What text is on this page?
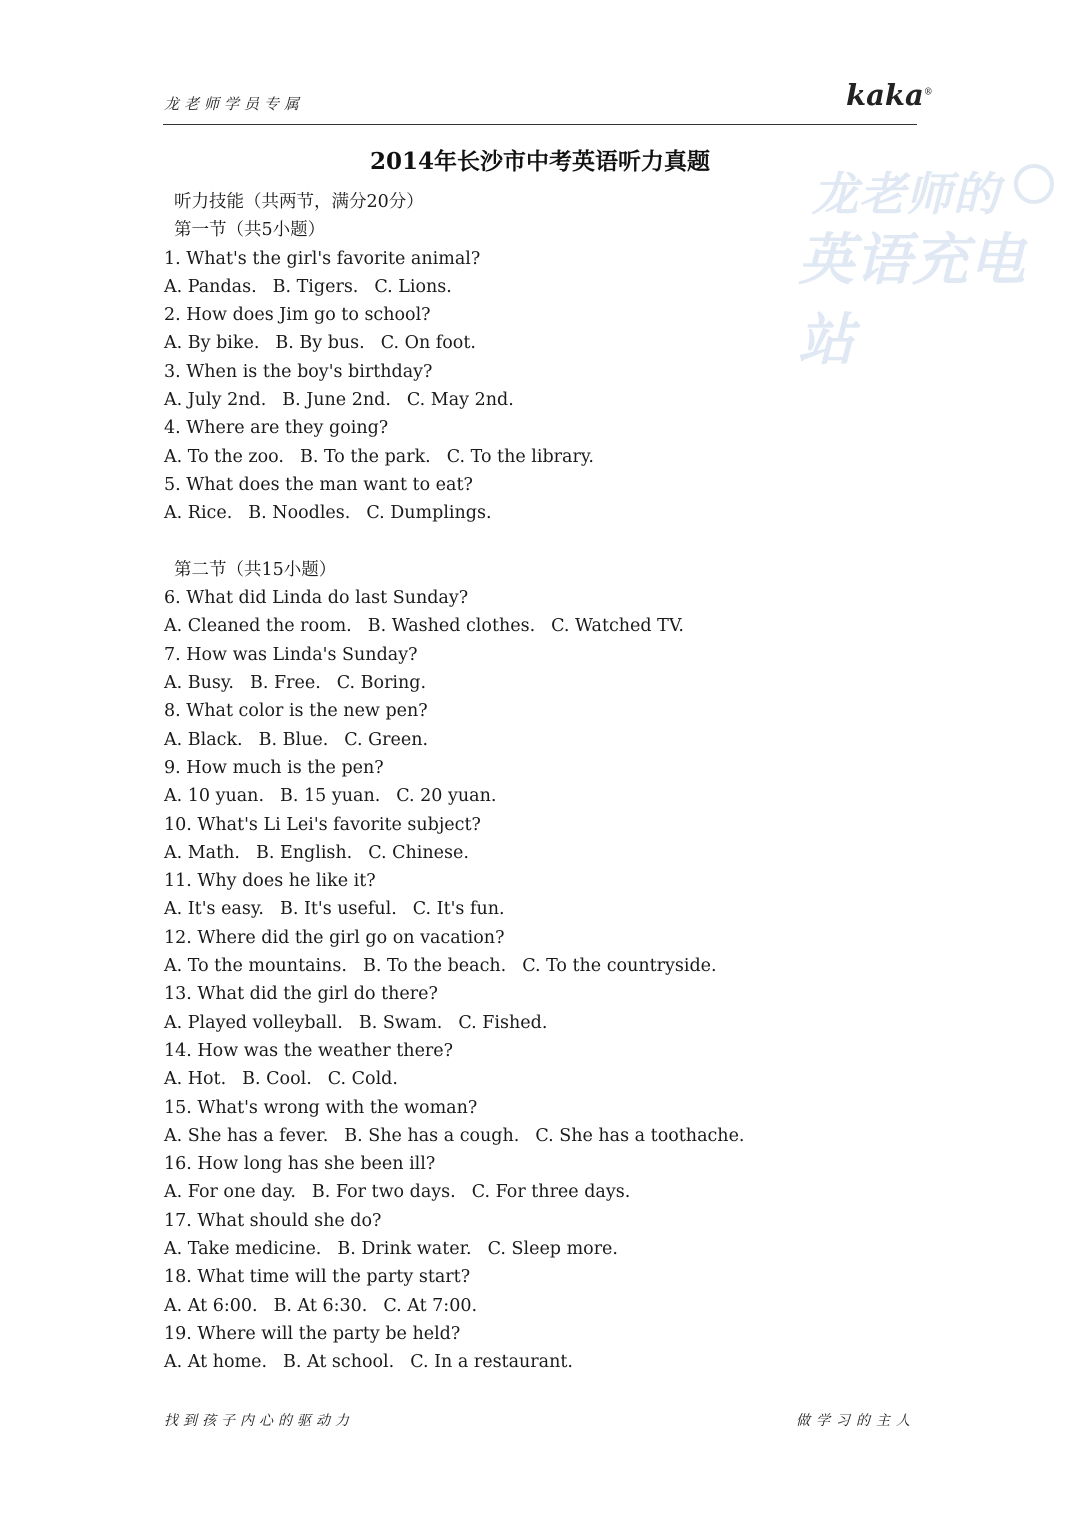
龙老师学员专属	kaka®
龙老师的
英语充电站
2014年长沙市中考英语听力真题
听力技能（共两节，满分20分）
第一节（共5小题）
1. What's the girl's favorite animal?
A. Pandas. B. Tigers. C. Lions.
2. How does Jim go to school?
A. By bike. B. By bus. C. On foot.
3. When is the boy's birthday?
A. July 2nd. B. June 2nd. C. May 2nd.
4. Where are they going?
A. To the zoo. B. To the park. C. To the library.
5. What does the man want to eat?
A. Rice. B. Noodles. C. Dumplings.
第二节（共15小题）
6. What did Linda do last Sunday?
A. Cleaned the room. B. Washed clothes. C. Watched TV.
7. How was Linda's Sunday?
A. Busy. B. Free. C. Boring.
8. What color is the new pen?
A. Black. B. Blue. C. Green.
9. How much is the pen?
A. 10 yuan. B. 15 yuan. C. 20 yuan.
10. What's Li Lei's favorite subject?
A. Math. B. English. C. Chinese.
11. Why does he like it?
A. It's easy. B. It's useful. C. It's fun.
12. Where did the girl go on vacation?
A. To the mountains. B. To the beach. C. To the countryside.
13. What did the girl do there?
A. Played volleyball. B. Swam. C. Fished.
14. How was the weather there?
A. Hot. B. Cool. C. Cold.
15. What's wrong with the woman?
A. She has a fever. B. She has a cough. C. She has a toothache.
16. How long has she been ill?
A. For one day. B. For two days. C. For three days.
17. What should she do?
A. Take medicine. B. Drink water. C. Sleep more.
18. What time will the party start?
A. At 6:00. B. At 6:30. C. At 7:00.
19. Where will the party be held?
A. At home. B. At school. C. In a restaurant.
找到孩子内心的驱动力	做学习的主人
